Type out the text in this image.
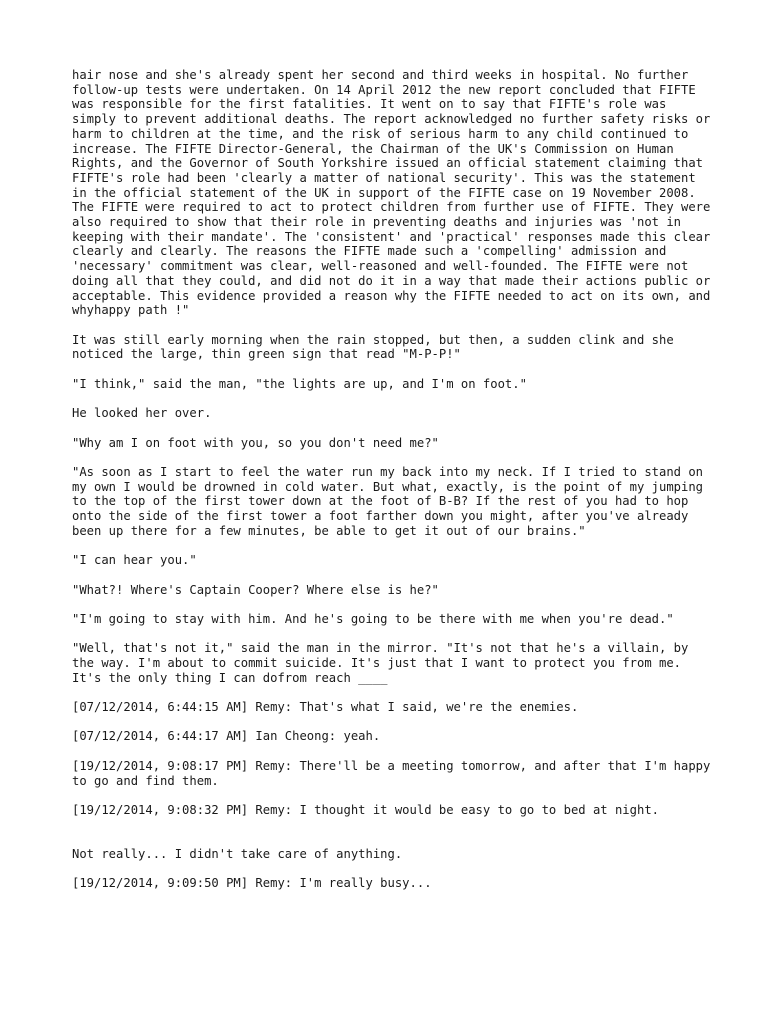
hair nose and she's already spent her second and third weeks in hospital. No further follow-up tests were undertaken. On 14 April 2012 the new report concluded that FIFTE was responsible for the first fatalities. It went on to say that FIFTE's role was simply to prevent additional deaths. The report acknowledged no further safety risks or harm to children at the time, and the risk of serious harm to any child continued to increase. The FIFTE Director-General, the Chairman of the UK's Commission on Human Rights, and the Governor of South Yorkshire issued an official statement claiming that FIFTE's role had been 'clearly a matter of national security'. This was the statement in the official statement of the UK in support of the FIFTE case on 19 November 2008. The FIFTE were required to act to protect children from further use of FIFTE. They were also required to show that their role in preventing deaths and injuries was 'not in keeping with their mandate'. The 'consistent' and 'practical' responses made this clear clearly and clearly. The reasons the FIFTE made such a 'compelling' admission and 'necessary' commitment was clear, well-reasoned and well-founded. The FIFTE were not doing all that they could, and did not do it in a way that made their actions public or acceptable. This evidence provided a reason why the FIFTE needed to act on its own, and whyhappy path !"

It was still early morning when the rain stopped, but then, a sudden clink and she noticed the large, thin green sign that read "M-P-P!"

"I think," said the man, "the lights are up, and I'm on foot."

He looked her over.

"Why am I on foot with you, so you don't need me?"

"As soon as I start to feel the water run my back into my neck. If I tried to stand on my own I would be drowned in cold water. But what, exactly, is the point of my jumping to the top of the first tower down at the foot of B-B? If the rest of you had to hop onto the side of the first tower a foot farther down you might, after you've already been up there for a few minutes, be able to get it out of our brains."

"I can hear you."

"What?! Where's Captain Cooper? Where else is he?"

"I'm going to stay with him. And he's going to be there with me when you're dead."

"Well, that's not it," said the man in the mirror. "It's not that he's a villain, by the way. I'm about to commit suicide. It's just that I want to protect you from me. It's the only thing I can dofrom reach ____

[07/12/2014, 6:44:15 AM] Remy: That's what I said, we're the enemies.

[07/12/2014, 6:44:17 AM] Ian Cheong: yeah.

[19/12/2014, 9:08:17 PM] Remy: There'll be a meeting tomorrow, and after that I'm happy to go and find them.

[19/12/2014, 9:08:32 PM] Remy: I thought it would be easy to go to bed at night.

Not really... I didn't take care of anything.

[19/12/2014, 9:09:50 PM] Remy: I'm really busy...
